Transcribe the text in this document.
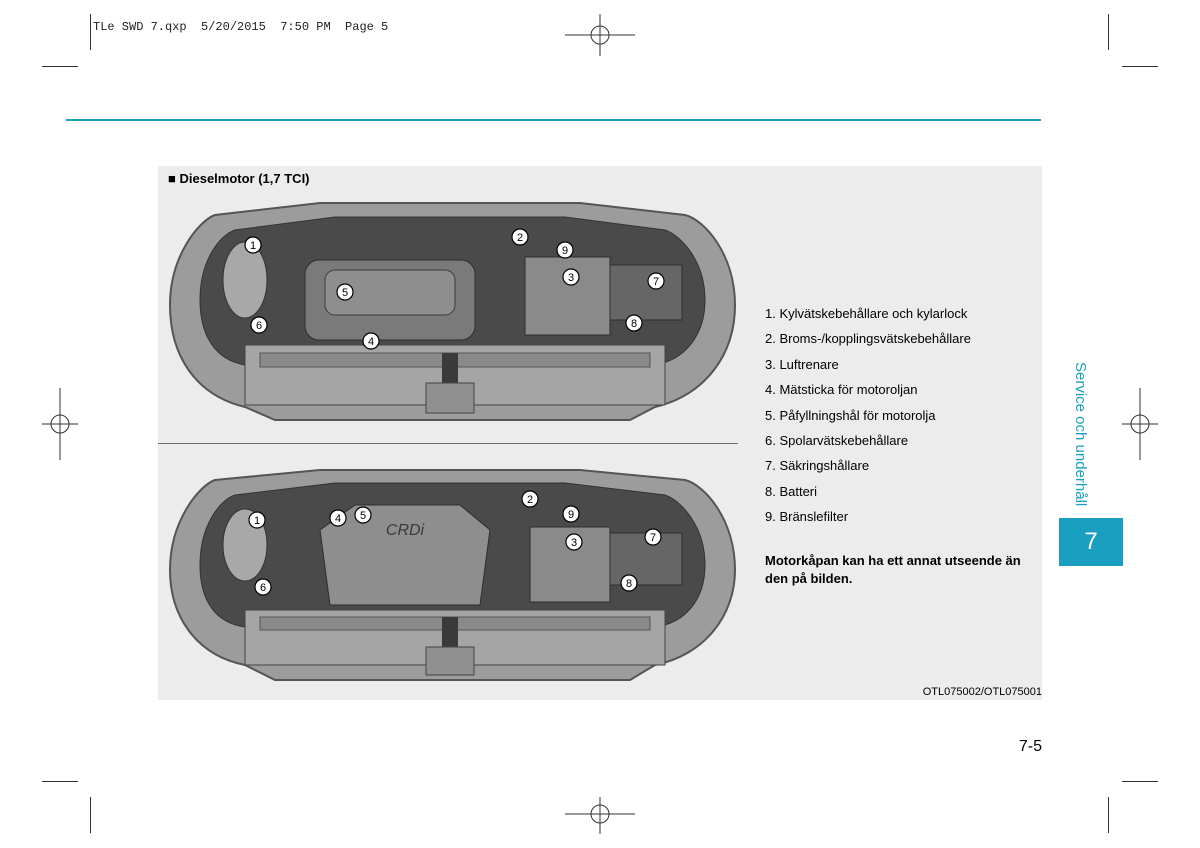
TLe SWD 7.qxp  5/20/2015  7:50 PM  Page 5
■ Dieselmotor (1,7 TCI)
1
2
9
3	7
5
6	8
4
CRDi
2
4 5	9
1
3	7
6	8
1. Kylvätskebehållare och kylarlock
2. Broms-/kopplingsvätskebehållare
3. Luftrenare
4. Mätsticka för motoroljan
5. Påfyllningshål för motorolja
6. Spolarvätskebehållare
7. Säkringshållare
8. Batteri
9. Bränslefilter
Motorkåpan kan ha ett annat utseende än den på bilden.
OTL075002/OTL075001
Service och underhåll
7
7-5
